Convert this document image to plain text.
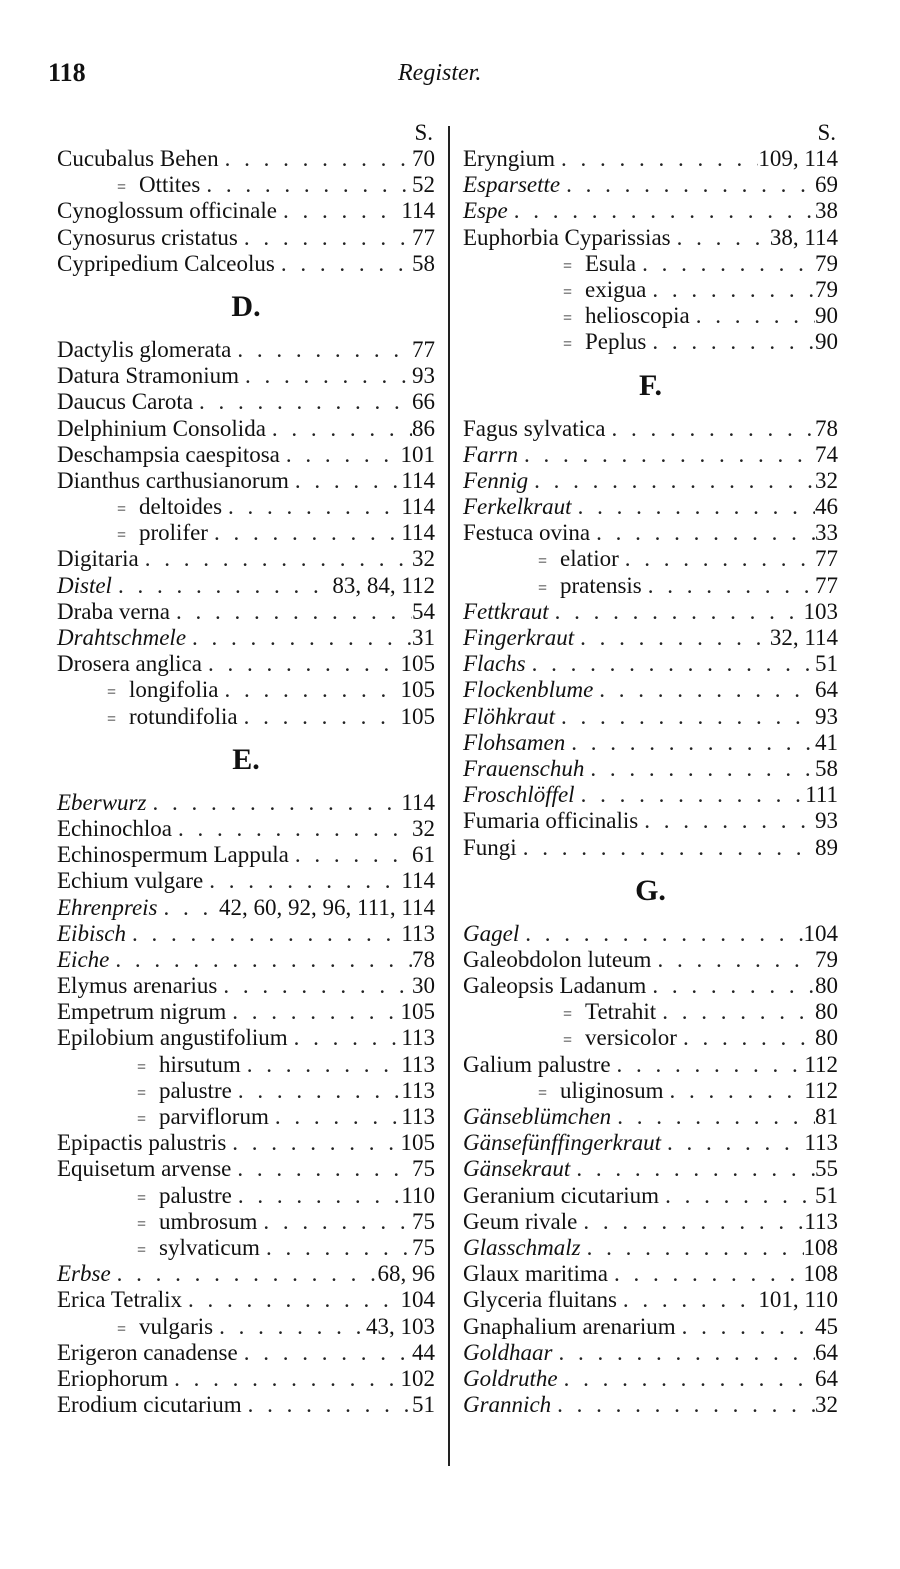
118	Register.
S.
Cucubalus Behen . . .	70
= Ottites . . .	52
Cynoglossum officinale . . .	114
Cynosurus cristatus . . .	77
Cypripedium Calceolus . . .	58
D.
Dactylis glomerata . . .	77
Datura Stramonium . . .	93
Daucus Carota . . .	66
Delphinium Consolida . . .	86
Deschampsia caespitosa . . .	101
Dianthus carthusianorum . . .	114
= deltoides . . .	114
= prolifer . . .	114
Digitaria . . .	32
Distel . . .	83, 84, 112
Draba verna . . .	54
Drahtschmele . . .	31
Drosera anglica . . .	105
= longifolia . . .	105
= rotundifolia . . .	105
E.
Eberwurz . . .	114
Echinochloa . . .	32
Echinospermum Lappula . . .	61
Echium vulgare . . .	114
Ehrenpreis . . .	42, 60, 92, 96, 111, 114
Eibisch . . .	113
Eiche . . .	78
Elymus arenarius . . .	30
Empetrum nigrum . . .	105
Epilobium angustifolium . . .	113
= hirsutum . . .	113
= palustre . . .	113
= parviflorum . . .	113
Epipactis palustris . . .	105
Equisetum arvense . . .	75
= palustre . . .	110
= umbrosum . . .	75
= sylvaticum . . .	75
Erbse . . .	68, 96
Erica Tetralix . . .	104
= vulgaris . . .	43, 103
Erigeron canadense . . .	44
Eriophorum . . .	102
Erodium cicutarium . . .	51
S.
Eryngium . . .	109, 114
Esparsette . . .	69
Espe . . .	38
Euphorbia Cyparissias . . .	38, 114
= Esula . . .	79
= exigua . . .	79
= helioscopia . . .	90
= Peplus . . .	90
F.
Fagus sylvatica . . .	78
Farrn . . .	74
Fennig . . .	32
Ferkelkraut . . .	46
Festuca ovina . . .	33
= elatior . . .	77
= pratensis . . .	77
Fettkraut . . .	103
Fingerkraut . . .	32, 114
Flachs . . .	51
Flockenblume . . .	64
Flöhkraut . . .	93
Flohsamen . . .	41
Frauenschuh . . .	58
Froschlöffel . . .	111
Fumaria officinalis . . .	93
Fungi . . .	89
G.
Gagel . . .	104
Galeobdolon luteum . . .	79
Galeopsis Ladanum . . .	80
= Tetrahit . . .	80
= versicolor . . .	80
Galium palustre . . .	112
= uliginosum . . .	112
Gänseblümchen . . .	81
Gänsefünffingerkraut . . .	113
Gänsekraut . . .	55
Geranium cicutarium . . .	51
Geum rivale . . .	113
Glasschmalz . . .	108
Glaux maritima . . .	108
Glyceria fluitans . . .	101, 110
Gnaphalium arenarium . . .	45
Goldhaar . . .	64
Goldruthe . . .	64
Grannich . . .	32
